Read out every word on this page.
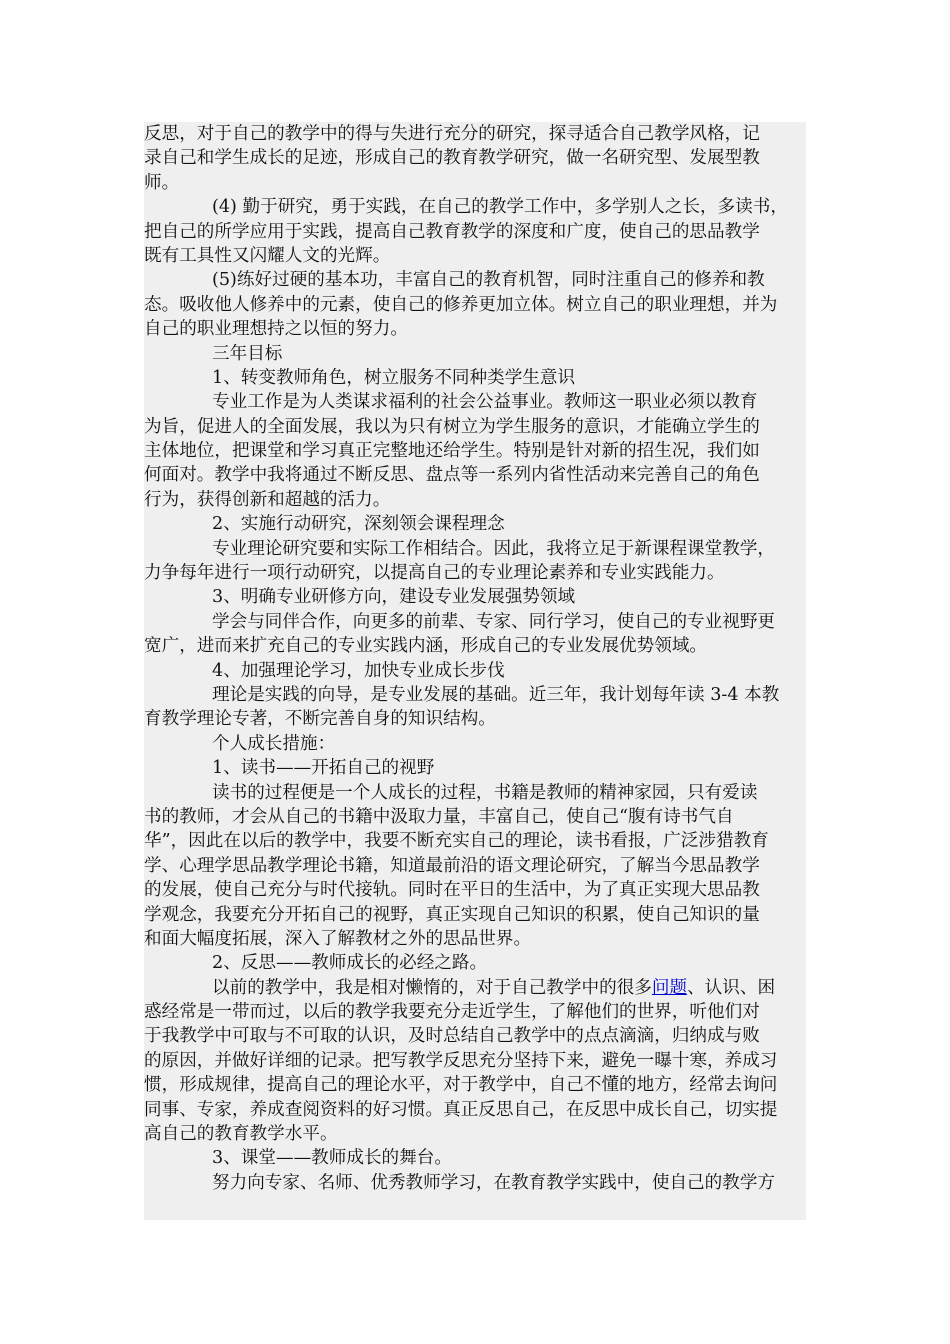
反思，对于自己的教学中的得与失进行充分的研究，探寻适合自己教学风格，记
录自己和学生成长的足迹，形成自己的教育教学研究，做一名研究型、发展型教
师。
(4) 勤于研究，勇于实践，在自己的教学工作中，多学别人之长，多读书，
把自己的所学应用于实践，提高自己教育教学的深度和广度，使自己的思品教学
既有工具性又闪耀人文的光辉。
(5)练好过硬的基本功，丰富自己的教育机智，同时注重自己的修养和教
态。吸收他人修养中的元素，使自己的修养更加立体。树立自己的职业理想，并为
自己的职业理想持之以恒的努力。
三年目标
1、转变教师角色，树立服务不同种类学生意识
专业工作是为人类谋求福利的社会公益事业。教师这一职业必须以教育
为旨，促进人的全面发展，我以为只有树立为学生服务的意识，才能确立学生的
主体地位，把课堂和学习真正完整地还给学生。特别是针对新的招生况，我们如
何面对。教学中我将通过不断反思、盘点等一系列内省性活动来完善自己的角色
行为，获得创新和超越的活力。
2、实施行动研究，深刻领会课程理念
专业理论研究要和实际工作相结合。因此，我将立足于新课程课堂教学，
力争每年进行一项行动研究，以提高自己的专业理论素养和专业实践能力。
3、明确专业研修方向，建设专业发展强势领域
学会与同伴合作，向更多的前辈、专家、同行学习，使自己的专业视野更
宽广，进而来扩充自己的专业实践内涵，形成自己的专业发展优势领域。
4、加强理论学习，加快专业成长步伐
理论是实践的向导，是专业发展的基础。近三年，我计划每年读 3-4 本教
育教学理论专著，不断完善自身的知识结构。
个人成长措施：
1、读书——开拓自己的视野
读书的过程便是一个人成长的过程，书籍是教师的精神家园，只有爱读
书的教师，才会从自己的书籍中汲取力量，丰富自己，使自己“腹有诗书气自
华”，因此在以后的教学中，我要不断充实自己的理论，读书看报，广泛涉猎教育
学、心理学思品教学理论书籍，知道最前沿的语文理论研究，了解当今思品教学
的发展，使自己充分与时代接轨。同时在平日的生活中，为了真正实现大思品教
学观念，我要充分开拓自己的视野，真正实现自己知识的积累，使自己知识的量
和面大幅度拓展，深入了解教材之外的思品世界。
2、反思——教师成长的必经之路。
以前的教学中，我是相对懒惰的，对于自己教学中的很多问题、认识、困
惑经常是一带而过，以后的教学我要充分走近学生，了解他们的世界，听他们对
于我教学中可取与不可取的认识，及时总结自己教学中的点点滴滴，归纳成与败
的原因，并做好详细的记录。把写教学反思充分坚持下来，避免一曝十寒，养成习
惯，形成规律，提高自己的理论水平，对于教学中，自己不懂的地方，经常去询问
同事、专家，养成查阅资料的好习惯。真正反思自己，在反思中成长自己，切实提
高自己的教育教学水平。
3、课堂——教师成长的舞台。
努力向专家、名师、优秀教师学习，在教育教学实践中，使自己的教学方
